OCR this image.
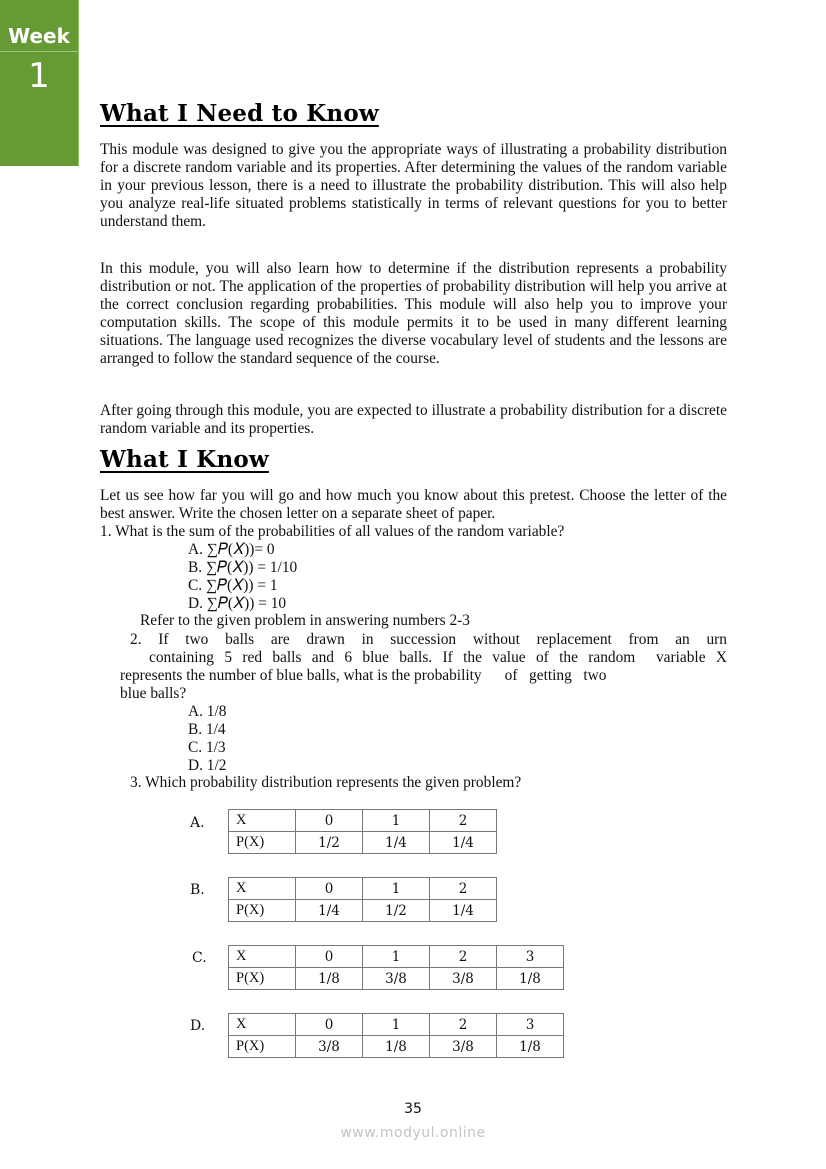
Week
1
What I Need to Know

This module was designed to give you the appropriate ways of illustrating a probability distribution for a discrete random variable and its properties. After determining the values of the random variable in your previous lesson, there is a need to illustrate the probability distribution. This will also help you analyze real-life situated problems statistically in terms of relevant questions for you to better understand them.

In this module, you will also learn how to determine if the distribution represents a probability distribution or not. The application of the properties of probability distribution will help you arrive at the correct conclusion regarding probabilities. This module will also help you to improve your computation skills. The scope of this module permits it to be used in many different learning situations. The language used recognizes the diverse vocabulary level of students and the lessons are arranged to follow the standard sequence of the course.

After going through this module, you are expected to illustrate a probability distribution for a discrete random variable and its properties.

What I Know

Let us see how far you will go and how much you know about this pretest. Choose the letter of the best answer. Write the chosen letter on a separate sheet of paper.

1. What is the sum of the probabilities of all values of the random variable?
A. ∑𝑃(𝑋))= 0
B. ∑𝑃(𝑋)) = 1/10
C. ∑𝑃(𝑋)) = 1
D. ∑𝑃(𝑋)) = 10
Refer to the given problem in answering numbers 2-3
2. If two balls are drawn in succession without replacement from an urn
containing 5 red balls and 6 blue balls. If the value of the random  variable X
represents the number of blue balls, what is the probability      of   getting   two
blue balls?
A. 1/8
B. 1/4
C. 1/3
D. 1/2
3. Which probability distribution represents the given problem?
A. X	0	1	2
P(X)	1/2	1/4	1/4
B. X	0	1	2
P(X)	1/4	1/2	1/4
C. X	0	1	2	3
P(X)	1/8	3/8	3/8	1/8
D. X	0	1	2	3
P(X)	3/8	1/8	3/8	1/8
35
www.modyul.online
